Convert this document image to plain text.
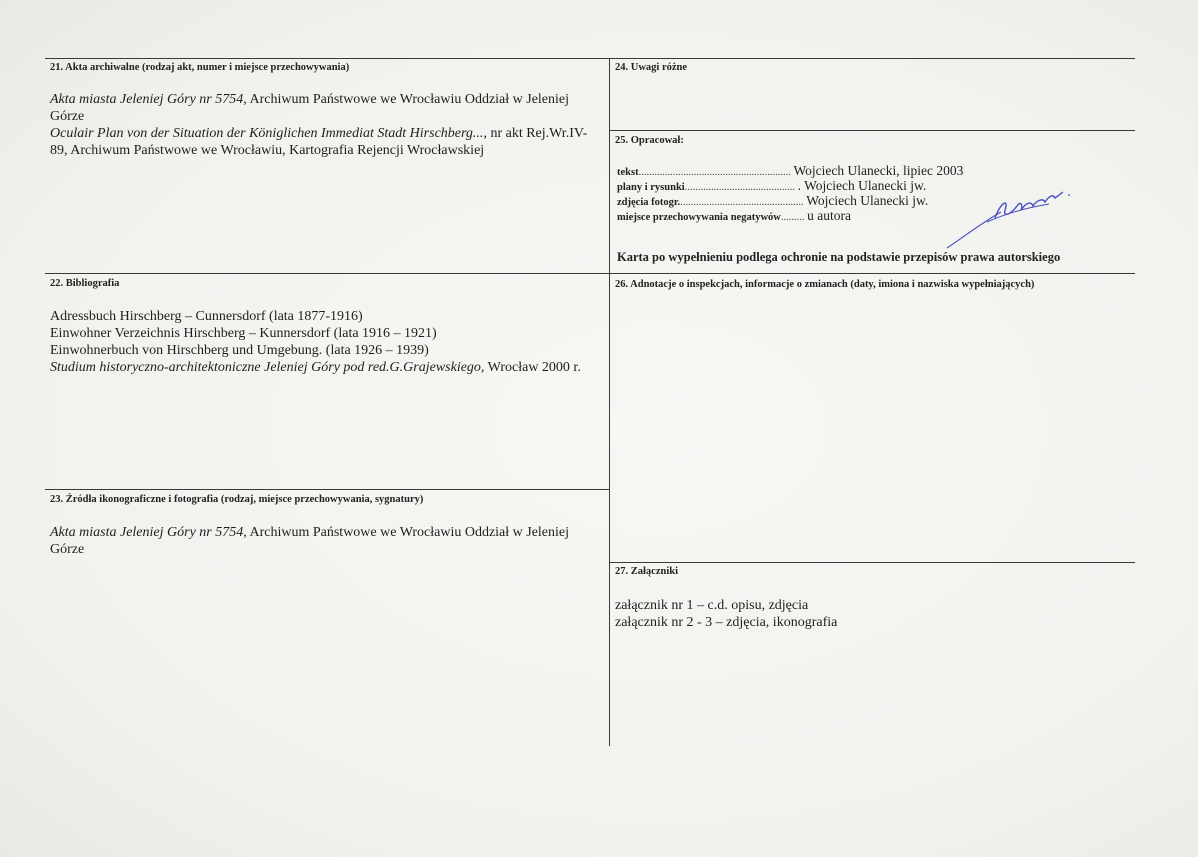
21. Akta archiwalne (rodzaj akt, numer i miejsce przechowywania)

Akta miasta Jeleniej Góry nr 5754, Archiwum Państwowe we Wrocławiu Oddział w Jeleniej Górze

Oculair Plan von der Situation der Königlichen Immediat Stadt Hirschberg..., nr akt Rej.Wr.IV-89, Archiwum Państwowe we Wrocławiu, Kartografia Rejencji Wrocławskiej

22. Bibliografia

Adressbuch Hirschberg – Cunnersdorf (lata 1877-1916)

Einwohner Verzeichnis Hirschberg – Kunnersdorf (lata 1916 – 1921)

Einwohnerbuch von Hirschberg und Umgebung. (lata 1926 – 1939)

Studium historyczno-architektoniczne Jeleniej Góry pod red.G.Grajewskiego, Wrocław 2000 r.

23. Źródła ikonograficzne i fotografia (rodzaj, miejsce przechowywania, sygnatury)

Akta miasta Jeleniej Góry nr 5754, Archiwum Państwowe we Wrocławiu Oddział w Jeleniej Górze

24. Uwagi różne
25. Opracował:
tekst.......................................................... Wojciech Ulanecki, lipiec 2003
plany i rysunki.......................................... . Wojciech Ulanecki jw.
zdjęcia fotogr................................................ Wojciech Ulanecki jw.
miejsce przechowywania negatywów......... u autora
Karta po wypełnieniu podlega ochronie na podstawie przepisów prawa autorskiego
26. Adnotacje o inspekcjach, informacje o zmianach (daty, imiona i nazwiska wypełniających)
27. Załączniki

załącznik nr 1 – c.d. opisu, zdjęcia

załącznik nr 2 - 3 – zdjęcia, ikonografia
